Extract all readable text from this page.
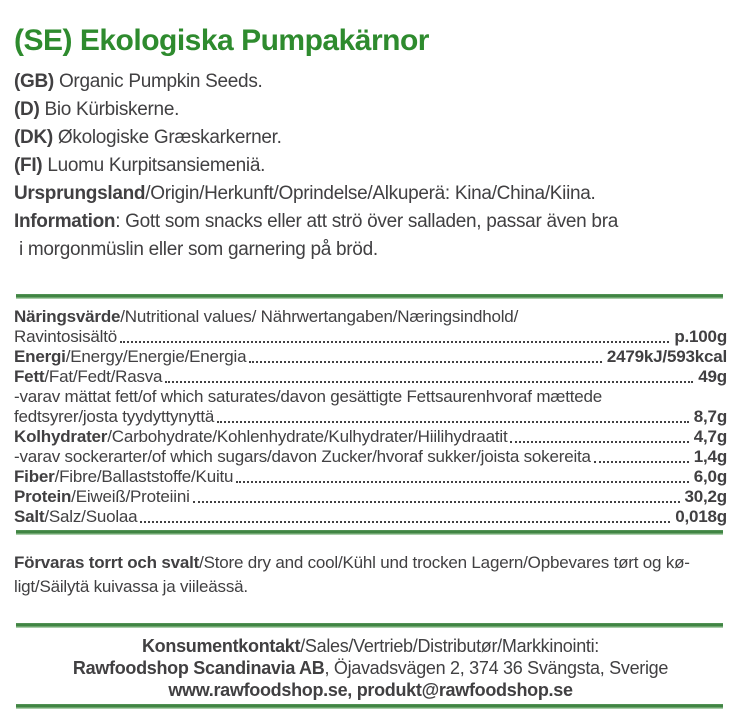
(SE) Ekologiska Pumpakärnor
(GB) Organic Pumpkin Seeds.
(D) Bio Kürbiskerne.
(DK) Økologiske Græskarkerner.
(FI) Luomu Kurpitsansiemeniä.
Ursprungsland/Origin/Herkunft/Oprindelse/Alkuperä: Kina/China/Kiina.
Information: Gott som snacks eller att strö över salladen, passar även bra
i morgonmüslin eller som garnering på bröd.
Näringsvärde/Nutritional values/ Nährwertangaben/Næringsindhold/
Ravintosisältö	p.100g
Energi/Energy/Energie/Energia	2479kJ/593kcal
Fett/Fat/Fedt/Rasva	49g
-varav mättat fett/of which saturates/davon gesättigte Fettsaurenhvoraf mættede
fedtsyrer/josta tyydyttynyttä	8,7g
Kolhydrater/Carbohydrate/Kohlenhydrate/Kulhydrater/Hiilihydraatit	4,7g
-varav sockerarter/of which sugars/davon Zucker/hvoraf sukker/joista sokereita	1,4g
Fiber/Fibre/Ballaststoffe/Kuitu	6,0g
Protein/Eiweiß/Proteiini	30,2g
Salt/Salz/Suolaa	0,018g
Förvaras torrt och svalt/Store dry and cool/Kühl und trocken Lagern/Opbevares tørt og kø-
ligt/Säilytä kuivassa ja viileässä.
Konsumentkontakt/Sales/Vertrieb/Distributør/Markkinointi:
Rawfoodshop Scandinavia AB, Öjavadsvägen 2, 374 36 Svängsta, Sverige
www.rawfoodshop.se, produkt@rawfoodshop.se
